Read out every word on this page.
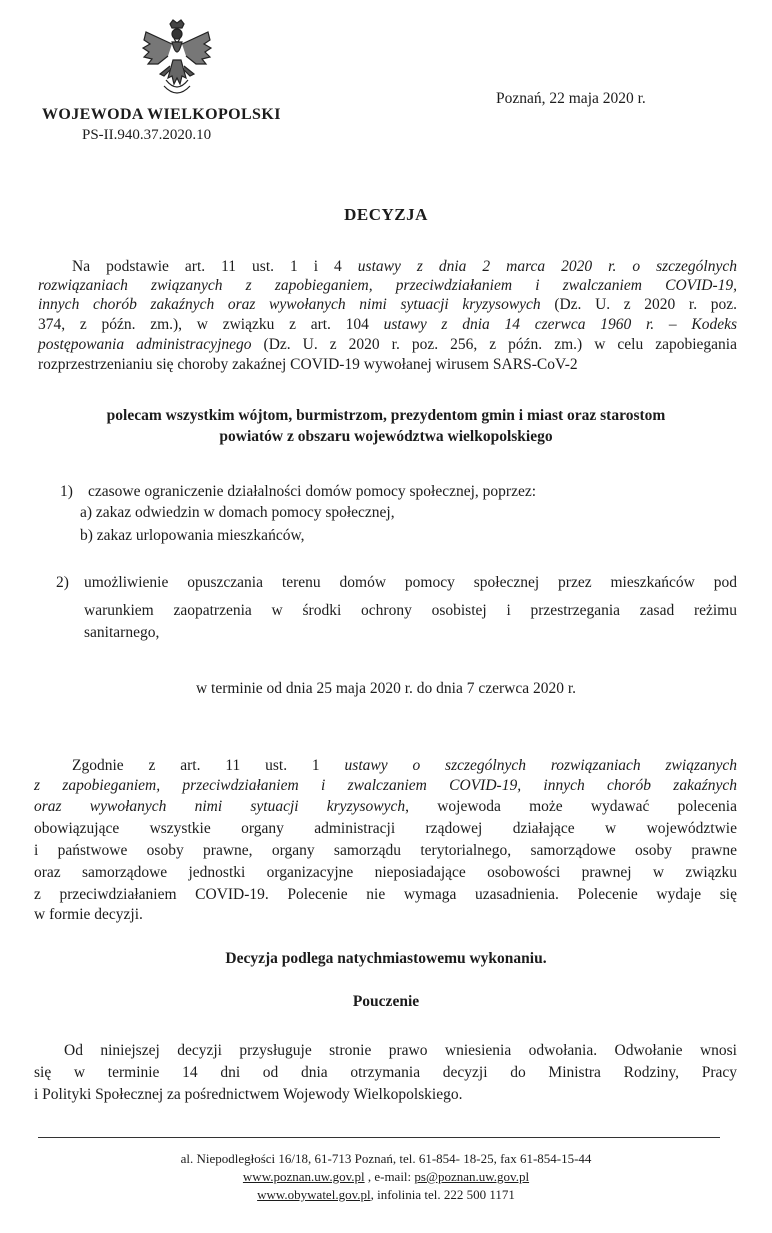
WOJEWODA WIELKOPOLSKI
PS-II.940.37.2020.10
Poznań, 22 maja 2020 r.
DECYZJA
Na podstawie art. 11 ust. 1 i 4 ustawy z dnia 2 marca 2020 r. o szczególnych
rozwiązaniach związanych z zapobieganiem, przeciwdziałaniem i zwalczaniem COVID-19,
innych chorób zakaźnych oraz wywołanych nimi sytuacji kryzysowych (Dz. U. z 2020 r. poz.
374, z późn. zm.), w związku z art. 104 ustawy z dnia 14 czerwca 1960 r. – Kodeks
postępowania administracyjnego (Dz. U. z 2020 r. poz. 256, z późn. zm.) w celu zapobiegania
rozprzestrzenianiu się choroby zakaźnej COVID-19 wywołanej wirusem SARS-CoV-2
polecam wszystkim wójtom, burmistrzom, prezydentom gmin i miast oraz starostom
powiatów z obszaru województwa wielkopolskiego
1) czasowe ograniczenie działalności domów pomocy społecznej, poprzez:
a) zakaz odwiedzin w domach pomocy społecznej,
b) zakaz urlopowania mieszkańców,
2) umożliwienie opuszczania terenu domów pomocy społecznej przez mieszkańców pod
warunkiem zaopatrzenia w środki ochrony osobistej i przestrzegania zasad reżimu
sanitarnego,
w terminie od dnia 25 maja 2020 r. do dnia 7 czerwca 2020 r.
Zgodnie z art. 11 ust. 1 ustawy o szczególnych rozwiązaniach związanych
z zapobieganiem, przeciwdziałaniem i zwalczaniem COVID-19, innych chorób zakaźnych
oraz wywołanych nimi sytuacji kryzysowych, wojewoda może wydawać polecenia
obowiązujące wszystkie organy administracji rządowej działające w województwie
i państwowe osoby prawne, organy samorządu terytorialnego, samorządowe osoby prawne
oraz samorządowe jednostki organizacyjne nieposiadające osobowości prawnej w związku
z przeciwdziałaniem COVID-19. Polecenie nie wymaga uzasadnienia. Polecenie wydaje się
w formie decyzji.
Decyzja podlega natychmiastowemu wykonaniu.
Pouczenie
Od niniejszej decyzji przysługuje stronie prawo wniesienia odwołania. Odwołanie wnosi
się w terminie 14 dni od dnia otrzymania decyzji do Ministra Rodziny, Pracy
i Polityki Społecznej za pośrednictwem Wojewody Wielkopolskiego.
al. Niepodległości 16/18, 61-713 Poznań, tel. 61-854- 18-25, fax 61-854-15-44
www.poznan.uw.gov.pl , e-mail: ps@poznan.uw.gov.pl
www.obywatel.gov.pl, infolinia tel. 222 500 1171
